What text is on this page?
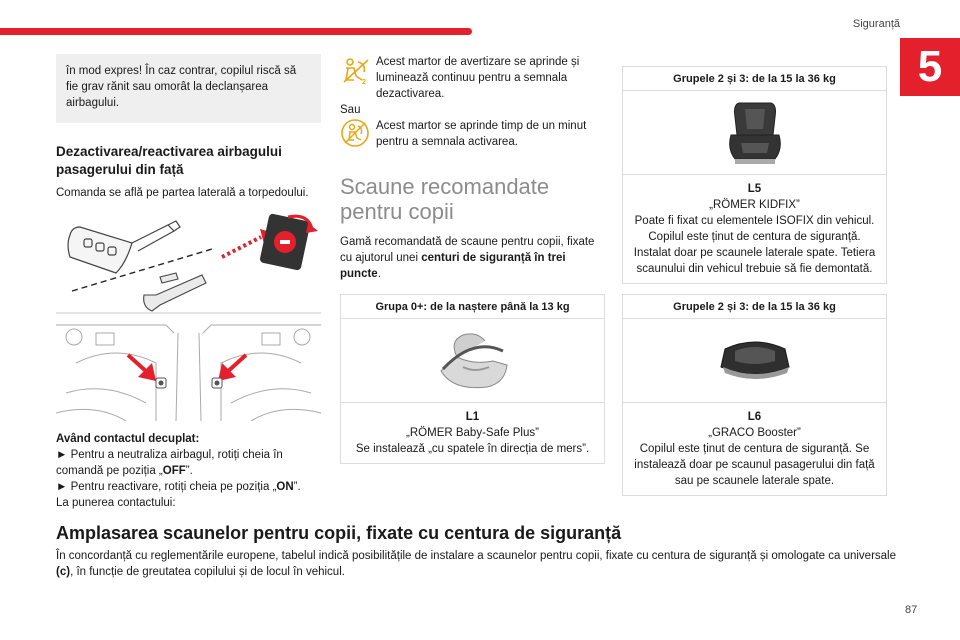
Siguranță
5
în mod expres! În caz contrar, copilul riscă să fie grav rănit sau omorât la declanșarea airbagului.
Dezactivarea/reactivarea airbagului pasagerului din față
Comanda se află pe partea laterală a torpedoului.
Având contactul decuplat:
► Pentru a neutraliza airbagul, rotiți cheia în comandă pe poziția „OFF”.
► Pentru reactivare, rotiți cheia pe poziția „ON”.
La punerea contactului:
2
Acest martor de avertizare se aprinde și luminează continuu pentru a semnala dezactivarea.
Sau
Acest martor se aprinde timp de un minut pentru a semnala activarea.
Scaune recomandate pentru copii
Gamă recomandată de scaune pentru copii, fixate cu ajutorul unei centuri de siguranță în trei puncte.
Grupa 0+: de la naștere până la 13 kg
L1
„RÖMER Baby-Safe Plus”
Se instalează „cu spatele în direcția de mers”.
Grupele 2 și 3: de la 15 la 36 kg
L5
„RÖMER KIDFIX”
Poate fi fixat cu elementele ISOFIX din vehicul. Copilul este ținut de centura de siguranță. Instalat doar pe scaunele laterale spate. Tetiera scaunului din vehicul trebuie să fie demontată.
Grupele 2 și 3: de la 15 la 36 kg
L6
„GRACO Booster”
Copilul este ținut de centura de siguranță. Se instalează doar pe scaunul pasagerului din față sau pe scaunele laterale spate.
Amplasarea scaunelor pentru copii, fixate cu centura de siguranță
În concordanță cu reglementările europene, tabelul indică posibilitățile de instalare a scaunelor pentru copii, fixate cu centura de siguranță și omologate ca universale (c), în funcție de greutatea copilului și de locul în vehicul.
87
